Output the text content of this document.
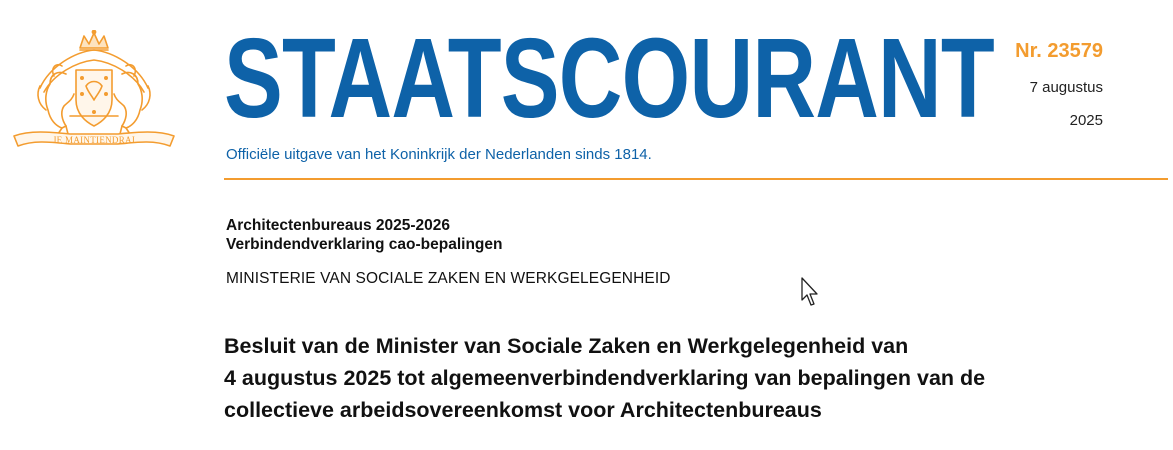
JE MAINTIENDRAI STAATSCOURANT
Officiële uitgave van het Koninkrijk der Nederlanden sinds 1814.
Nr. 23579
7 augustus
2025
Architectenbureaus 2025-2026
Verbindendverklaring cao-bepalingen
MINISTERIE VAN SOCIALE ZAKEN EN WERKGELEGENHEID
Besluit van de Minister van Sociale Zaken en Werkgelegenheid van
4 augustus 2025 tot algemeenverbindendverklaring van bepalingen van de
collectieve arbeidsovereenkomst voor Architectenbureaus
